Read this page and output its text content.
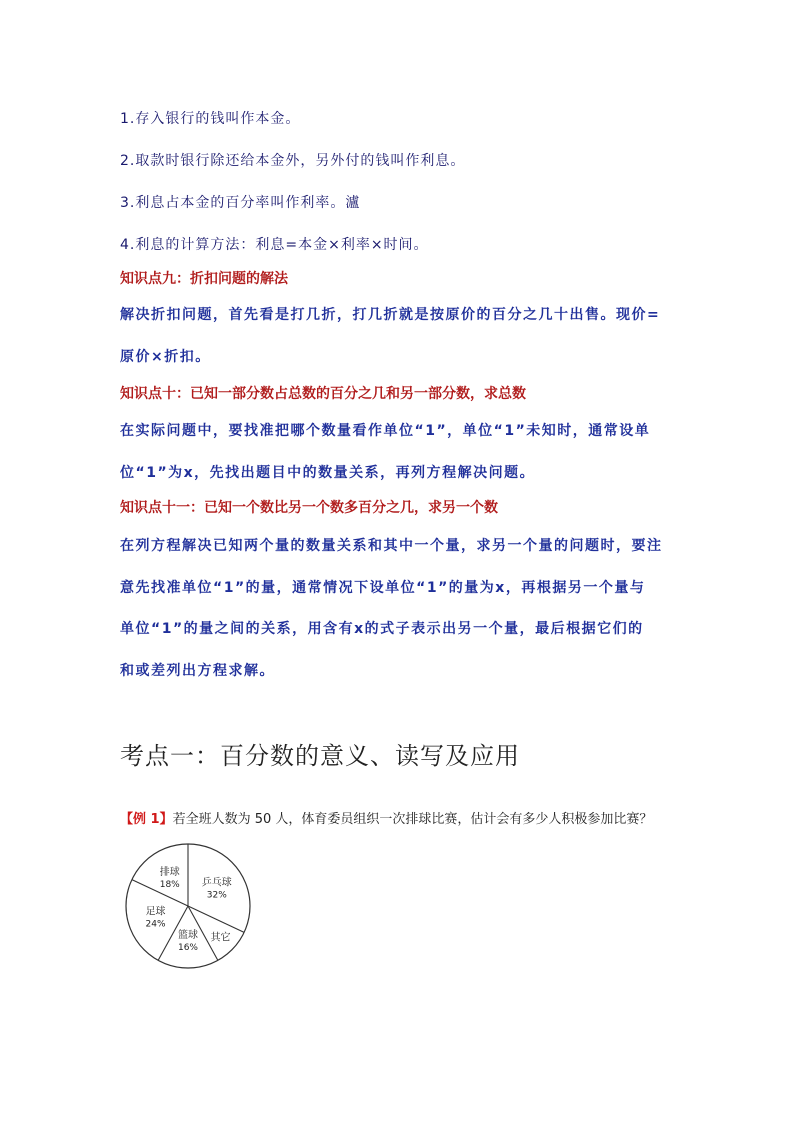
1.存入银行的钱叫作本金。
2.取款时银行除还给本金外，另外付的钱叫作利息。
3.利息占本金的百分率叫作利率。瀘
4.利息的计算方法：利息=本金×利率×时间。
知识点九：折扣问题的解法
解决折扣问题，首先看是打几折，打几折就是按原价的百分之几十出售。现价=
原价×折扣。
知识点十：已知一部分数占总数的百分之几和另一部分数，求总数
在实际问题中，要找准把哪个数量看作单位“1”，单位“1”未知时，通常设单
位“1”为x，先找出题目中的数量关系，再列方程解决问题。
知识点十一：已知一个数比另一个数多百分之几，求另一个数
在列方程解决已知两个量的数量关系和其中一个量，求另一个量的问题时，要注
意先找准单位“1”的量，通常情况下设单位“1”的量为x，再根据另一个量与
单位“1”的量之间的关系，用含有x的式子表示出另一个量，最后根据它们的
和或差列出方程求解。
考点一：百分数的意义、读写及应用
【例 1】若全班人数为 50 人，体育委员组织一次排球比赛，估计会有多少人积极参加比赛？
乒乓球
32%
其它
篮球
16%
足球
24%
排球
18%
